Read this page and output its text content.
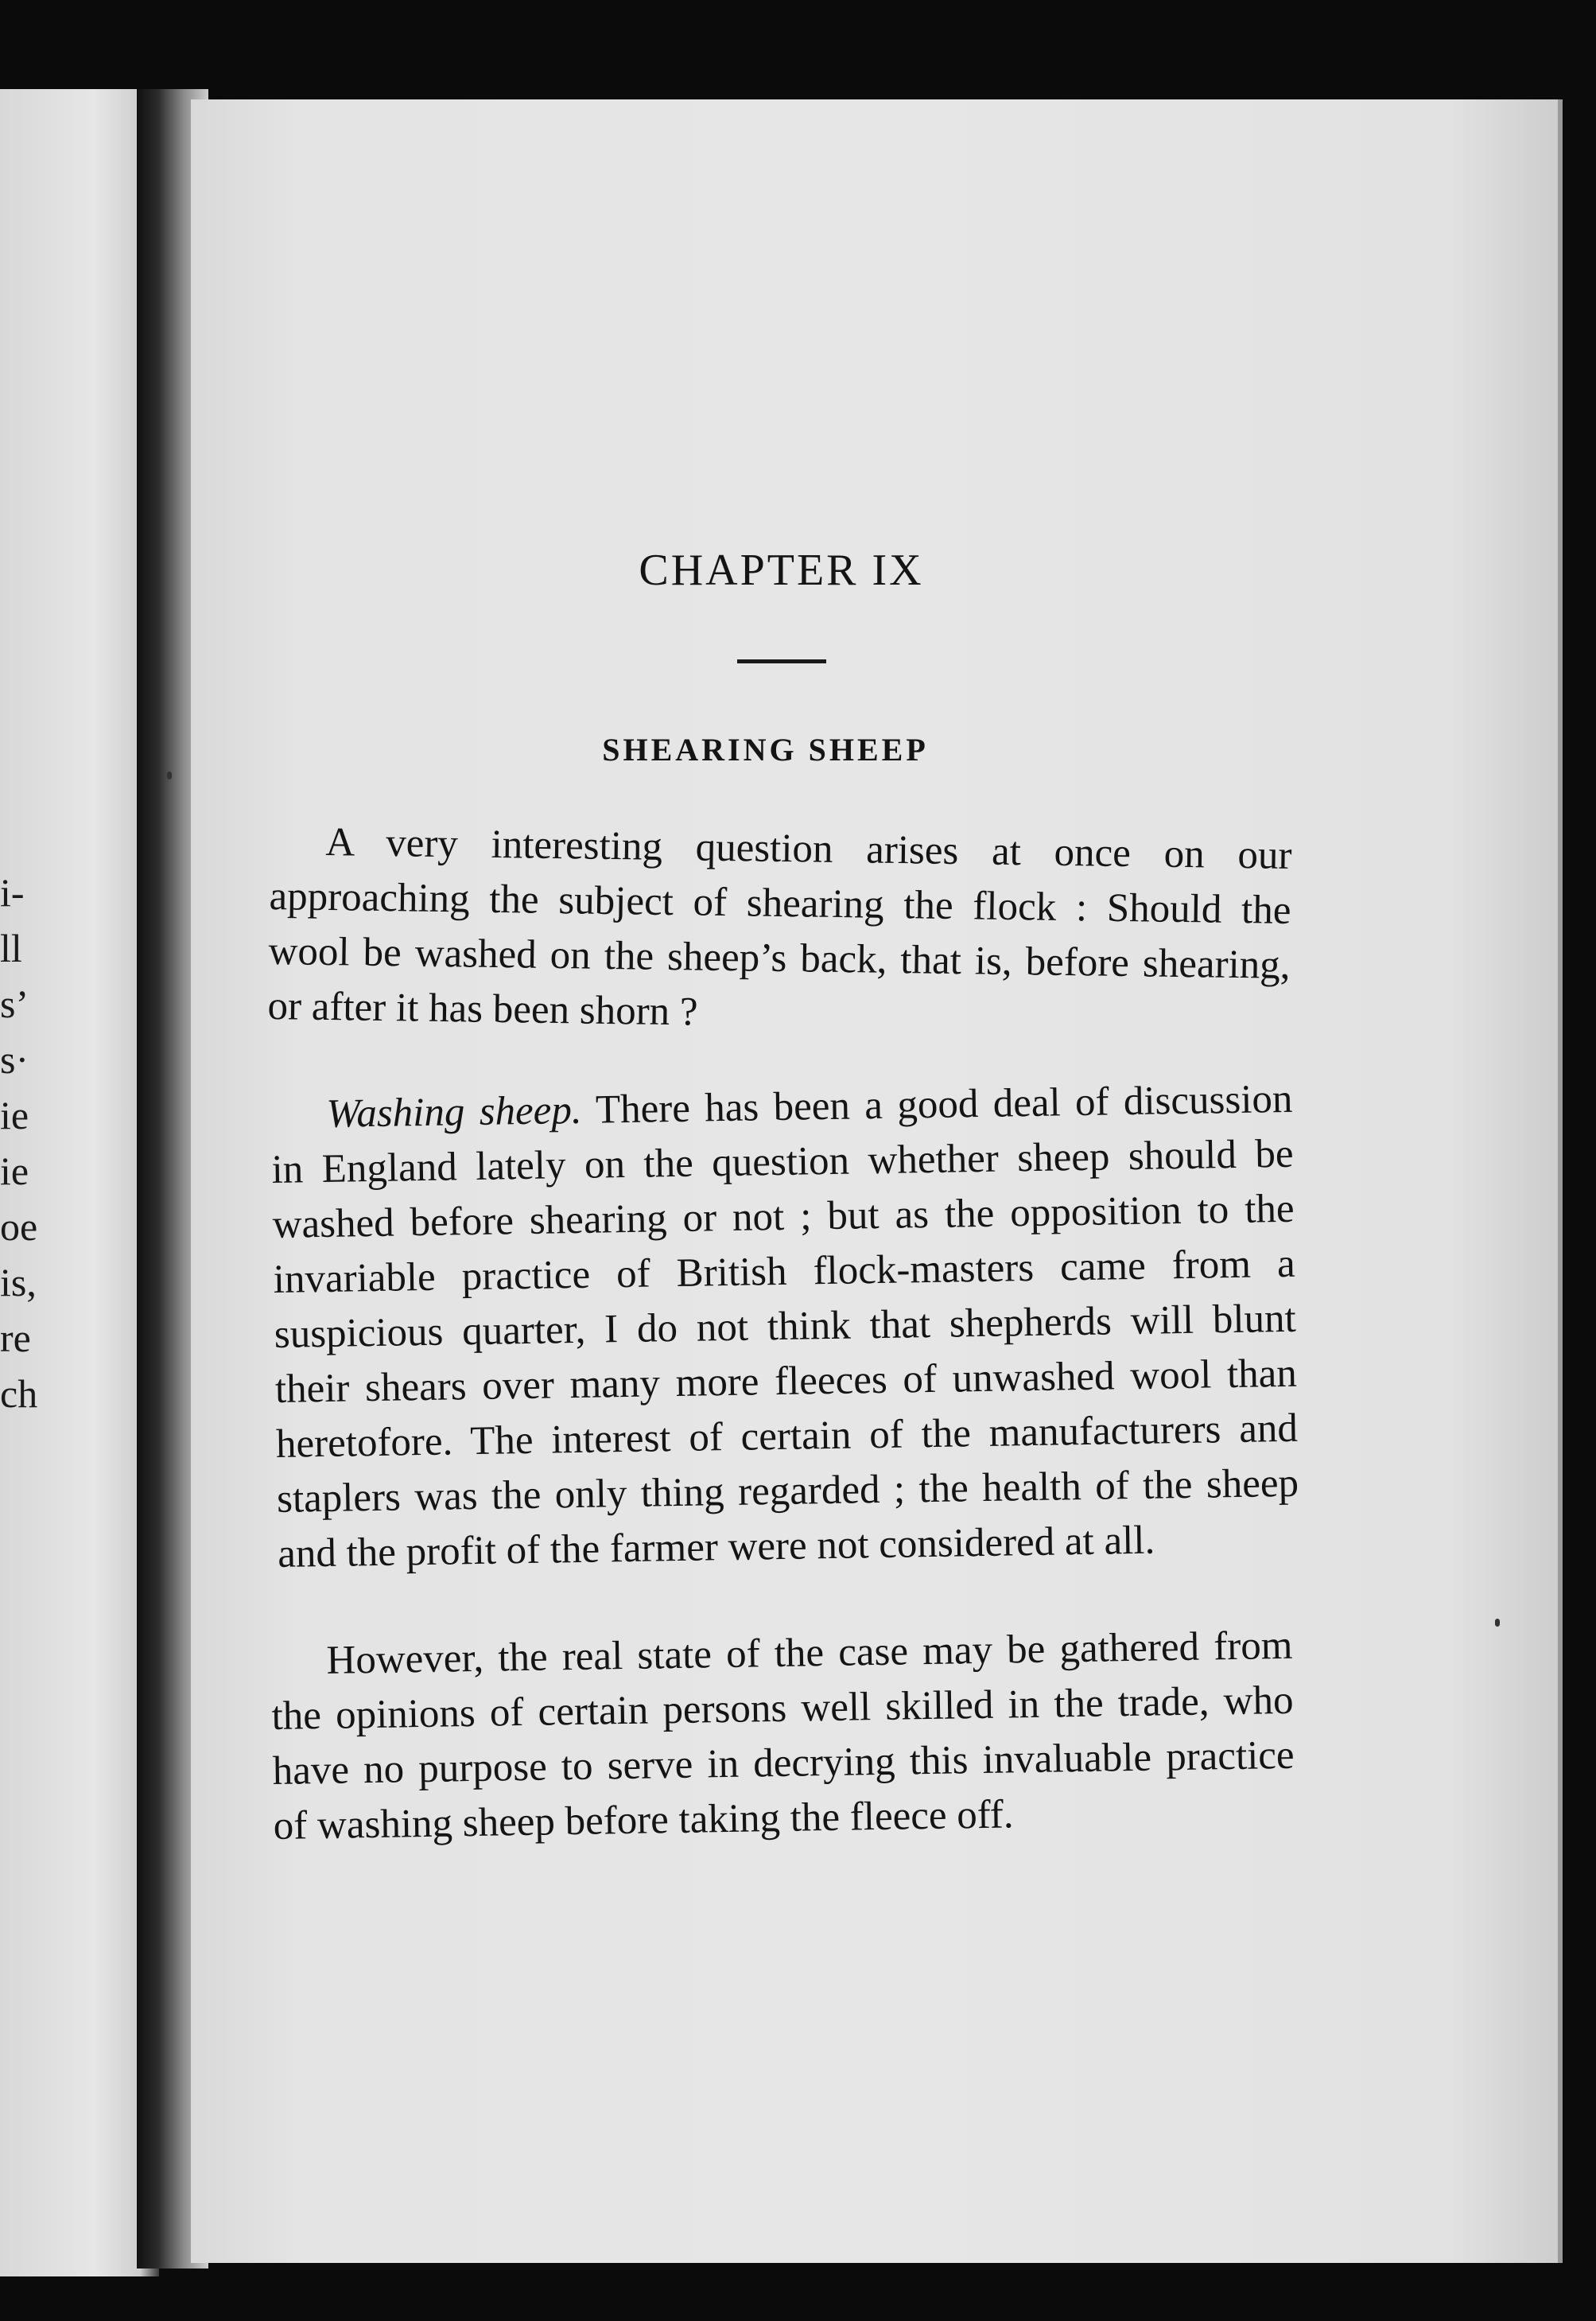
i-
ll
s’
s·
ie
ie
oe
is,
re
ch
CHAPTER IX
SHEARING SHEEP

A very interesting question arises at once on our approaching the subject of shearing the flock : Should the wool be washed on the sheep’s back, that is, before shearing, or after it has been shorn ?

Washing sheep. There has been a good deal of discussion in England lately on the question whether sheep should be washed before shearing or not ; but as the opposition to the invariable practice of British flock-masters came from a suspicious quarter, I do not think that shepherds will blunt their shears over many more fleeces of unwashed wool than heretofore. The interest of certain of the manufacturers and staplers was the only thing regarded ; the health of the sheep and the profit of the farmer were not considered at all.

However, the real state of the case may be gathered from the opinions of certain persons well skilled in the trade, who have no purpose to serve in decrying this invaluable practice of washing sheep before taking the fleece off.
